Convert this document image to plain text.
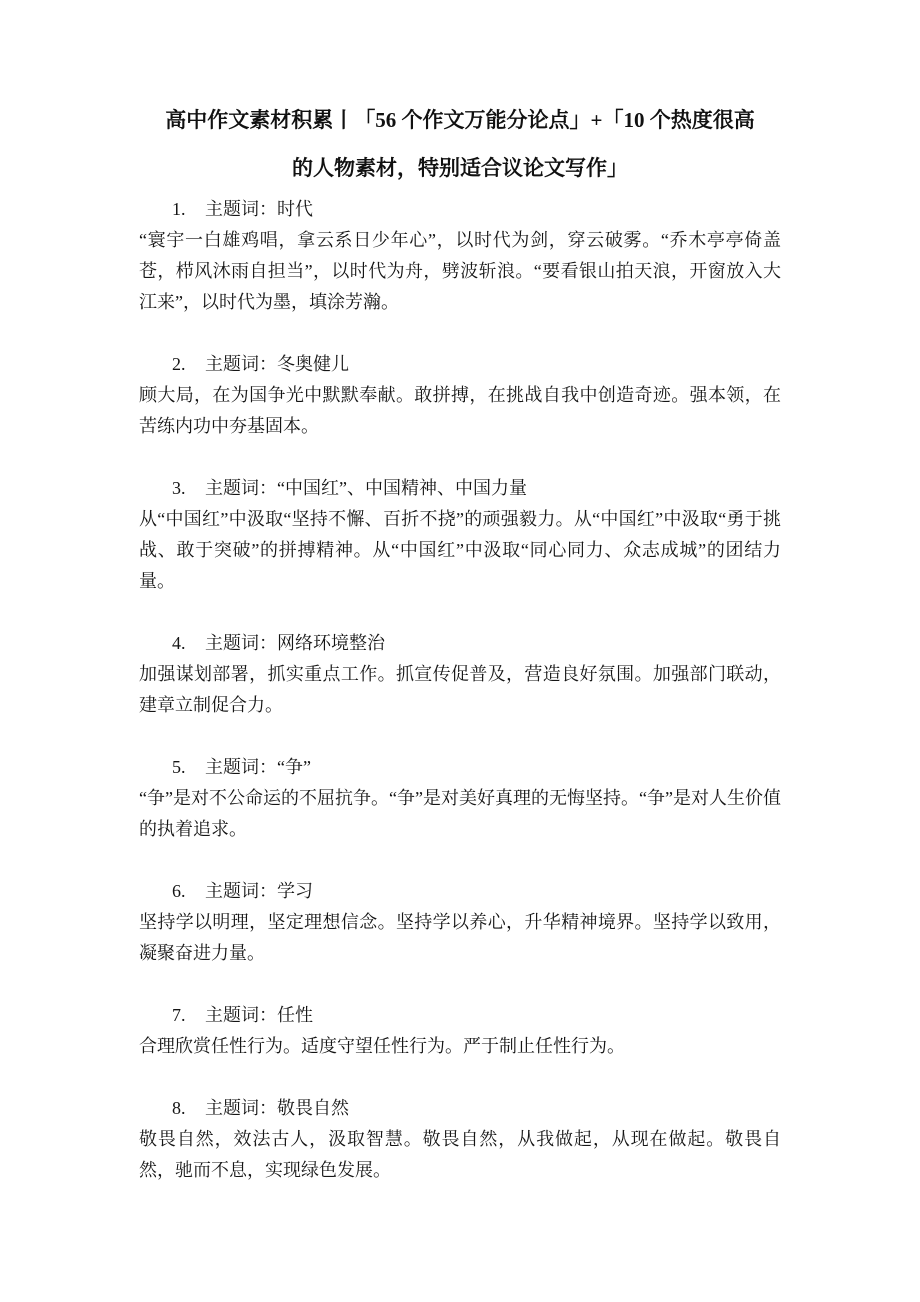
高中作文素材积累丨「56 个作文万能分论点」+「10 个热度很高
的人物素材，特别适合议论文写作」
1. 主题词：时代

“寰宇一白雄鸡唱，拿云系日少年心”，以时代为剑，穿云破雾。“乔木亭亭倚盖苍，栉风沐雨自担当”，以时代为舟，劈波斩浪。“要看银山拍天浪，开窗放入大江来”，以时代为墨，填涂芳瀚。

2. 主题词：冬奥健儿

顾大局，在为国争光中默默奉献。敢拼搏，在挑战自我中创造奇迹。强本领，在苦练内功中夯基固本。

3. 主题词：“中国红”、中国精神、中国力量

从“中国红”中汲取“坚持不懈、百折不挠”的顽强毅力。从“中国红”中汲取“勇于挑战、敢于突破”的拼搏精神。从“中国红”中汲取“同心同力、众志成城”的团结力量。

4. 主题词：网络环境整治

加强谋划部署，抓实重点工作。抓宣传促普及，营造良好氛围。加强部门联动，建章立制促合力。

5. 主题词：“争”

“争”是对不公命运的不屈抗争。“争”是对美好真理的无悔坚持。“争”是对人生价值的执着追求。

6. 主题词：学习

坚持学以明理，坚定理想信念。坚持学以养心，升华精神境界。坚持学以致用，凝聚奋进力量。

7. 主题词：任性

合理欣赏任性行为。适度守望任性行为。严于制止任性行为。

8. 主题词：敬畏自然

敬畏自然，效法古人，汲取智慧。敬畏自然，从我做起，从现在做起。敬畏自然，驰而不息，实现绿色发展。
